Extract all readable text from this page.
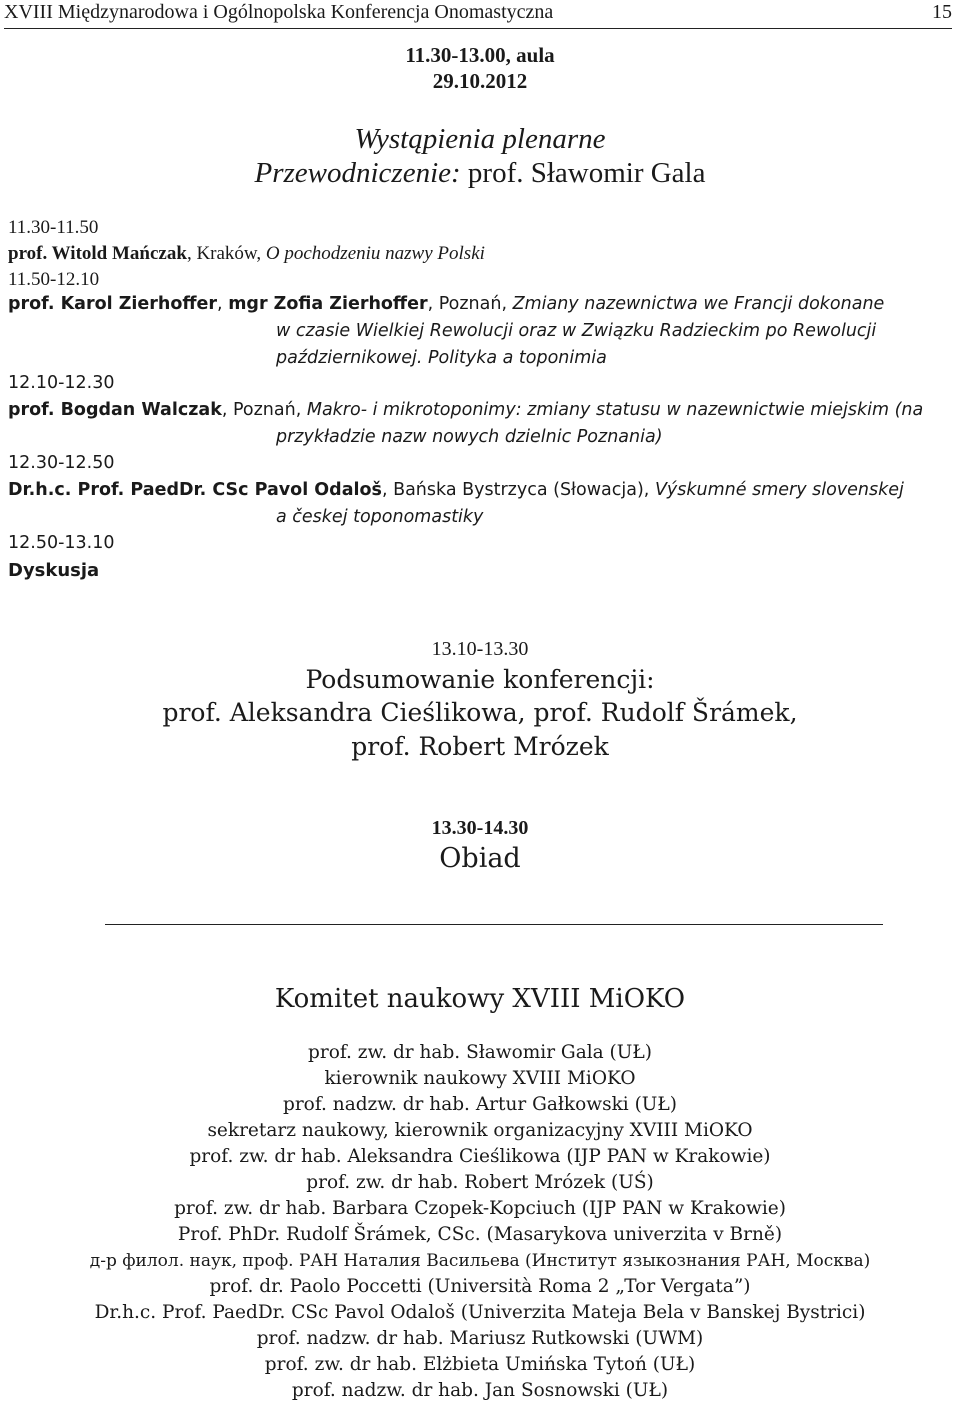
XVIII Międzynarodowa i Ogólnopolska Konferencja Onomastyczna	15
11.30-13.00, aula
29.10.2012
Wystąpienia plenarne
Przewodniczenie: prof. Sławomir Gala
11.30-11.50
prof. Witold Mańczak, Kraków, O pochodzeniu nazwy Polski
11.50-12.10
prof. Karol Zierhoffer, mgr Zofia Zierhoffer, Poznań, Zmiany nazewnictwa we Francji dokonane
w czasie Wielkiej Rewolucji oraz w Związku Radzieckim po Rewolucji
październikowej. Polityka a toponimia
12.10-12.30
prof. Bogdan Walczak, Poznań, Makro- i mikrotoponimy: zmiany statusu w nazewnictwie miejskim (na
przykładzie nazw nowych dzielnic Poznania)
12.30-12.50
Dr.h.c. Prof. PaedDr. CSc Pavol Odaloš, Bańska Bystrzyca (Słowacja), Výskumné smery slovenskej
a českej toponomastiky
12.50-13.10
Dyskusja
13.10-13.30
Podsumowanie konferencji:
prof. Aleksandra Cieślikowa, prof. Rudolf Šrámek,
prof. Robert Mrózek
13.30-14.30
Obiad
Komitet naukowy XVIII MiOKO
prof. zw. dr hab. Sławomir Gala (UŁ)
kierownik naukowy XVIII MiOKO
prof. nadzw. dr hab. Artur Gałkowski (UŁ)
sekretarz naukowy, kierownik organizacyjny XVIII MiOKO
prof. zw. dr hab. Aleksandra Cieślikowa (IJP PAN w Krakowie)
prof. zw. dr hab. Robert Mrózek (UŚ)
prof. zw. dr hab. Barbara Czopek-Kopciuch (IJP PAN w Krakowie)
Prof. PhDr. Rudolf Šrámek, CSc. (Masarykova univerzita v Brně)
д-р филол. наук, проф. РАН Наталия Васильева (Институт языкознания РАН, Москва)
prof. dr. Paolo Poccetti (Università Roma 2 „Tor Vergata”)
Dr.h.c. Prof. PaedDr. CSc Pavol Odaloš (Univerzita Mateja Bela v Banskej Bystrici)
prof. nadzw. dr hab. Mariusz Rutkowski (UWM)
prof. zw. dr hab. Elżbieta Umińska Tytoń (UŁ)
prof. nadzw. dr hab. Jan Sosnowski (UŁ)
